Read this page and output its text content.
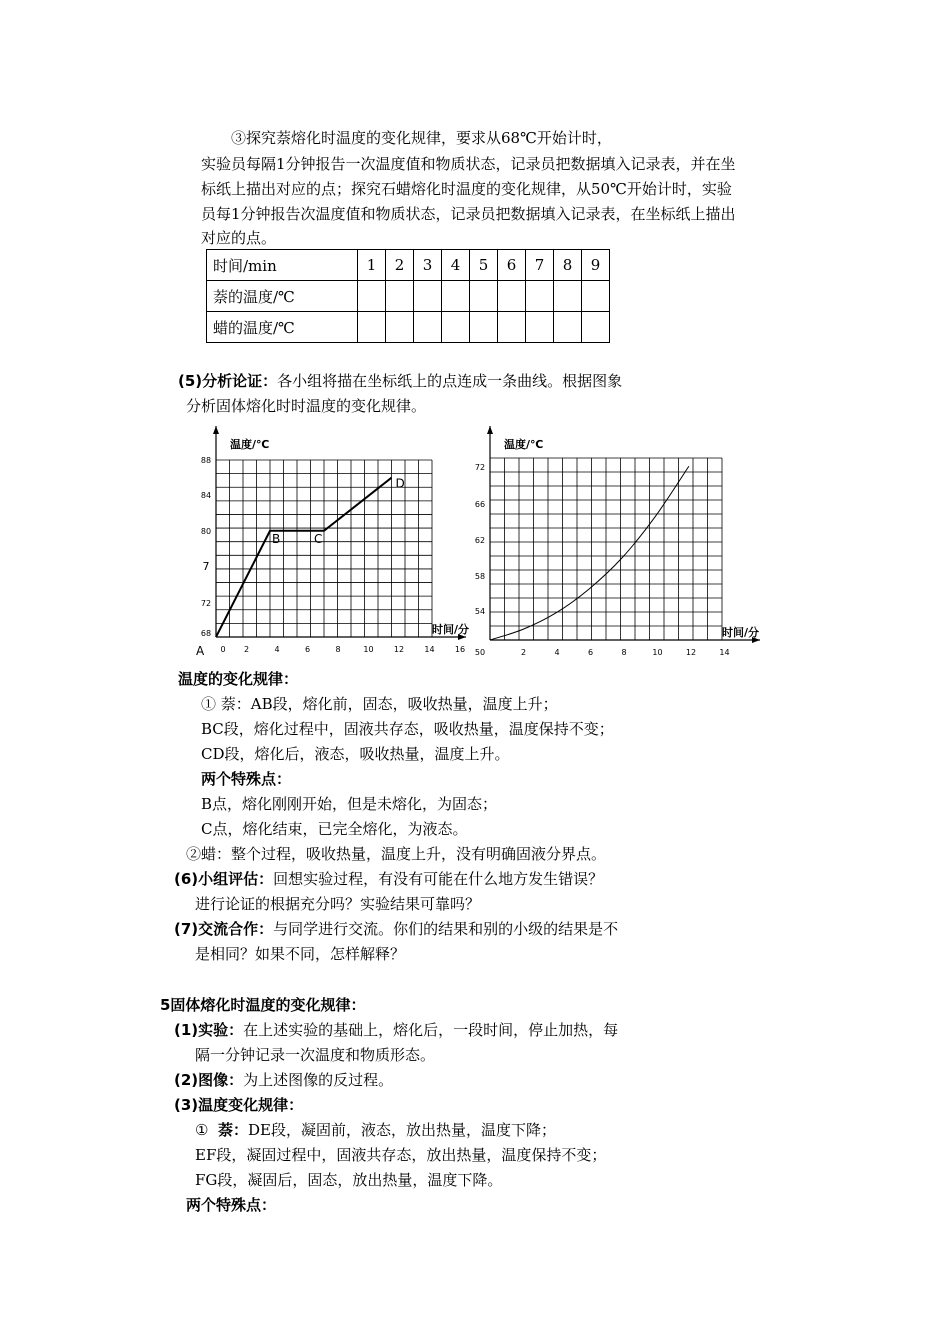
③探究萘熔化时温度的变化规律，要求从68℃开始计时，
实验员每隔1分钟报告一次温度值和物质状态，记录员把数据填入记录表，并在坐
标纸上描出对应的点；探究石蜡熔化时温度的变化规律，从50℃开始计时，实验
员每1分钟报告次温度值和物质状态，记录员把数据填入记录表，在坐标纸上描出
对应的点。
时间/min	1	2	3	4	5	6	7	8	9
萘的温度/℃									
蜡的温度/℃									
(5)分析论证：各小组将描在坐标纸上的点连成一条曲线。根据图象
分析固体熔化时时温度的变化规律。
温度/℃
时间/分
0 2	4	6	8	10	12	14	16
68
72
7
80
84
88
A
B	C
D
温度/℃
时间/分
50	2	4	6	8	10	12	14
54
58
62
66
72
温度的变化规律：
① 萘：AB段，熔化前，固态，吸收热量，温度上升；
BC段，熔化过程中，固液共存态，吸收热量，温度保持不变；
CD段，熔化后，液态，吸收热量，温度上升。
两个特殊点：
B点，熔化刚刚开始，但是未熔化，为固态；
C点，熔化结束，已完全熔化，为液态。
②蜡：整个过程，吸收热量，温度上升，没有明确固液分界点。
(6)小组评估：回想实验过程，有没有可能在什么地方发生错误？
进行论证的根据充分吗？实验结果可靠吗？
(7)交流合作：与同学进行交流。你们的结果和别的小级的结果是不
是相同？如果不同，怎样解释？
5固体熔化时温度的变化规律：
(1)实验：在上述实验的基础上，熔化后，一段时间，停止加热，每
隔一分钟记录一次温度和物质形态。
(2)图像：为上述图像的反过程。
(3)温度变化规律：
① 萘：DE段，凝固前，液态，放出热量，温度下降；
EF段，凝固过程中，固液共存态，放出热量，温度保持不变；
FG段，凝固后，固态，放出热量，温度下降。
两个特殊点：
